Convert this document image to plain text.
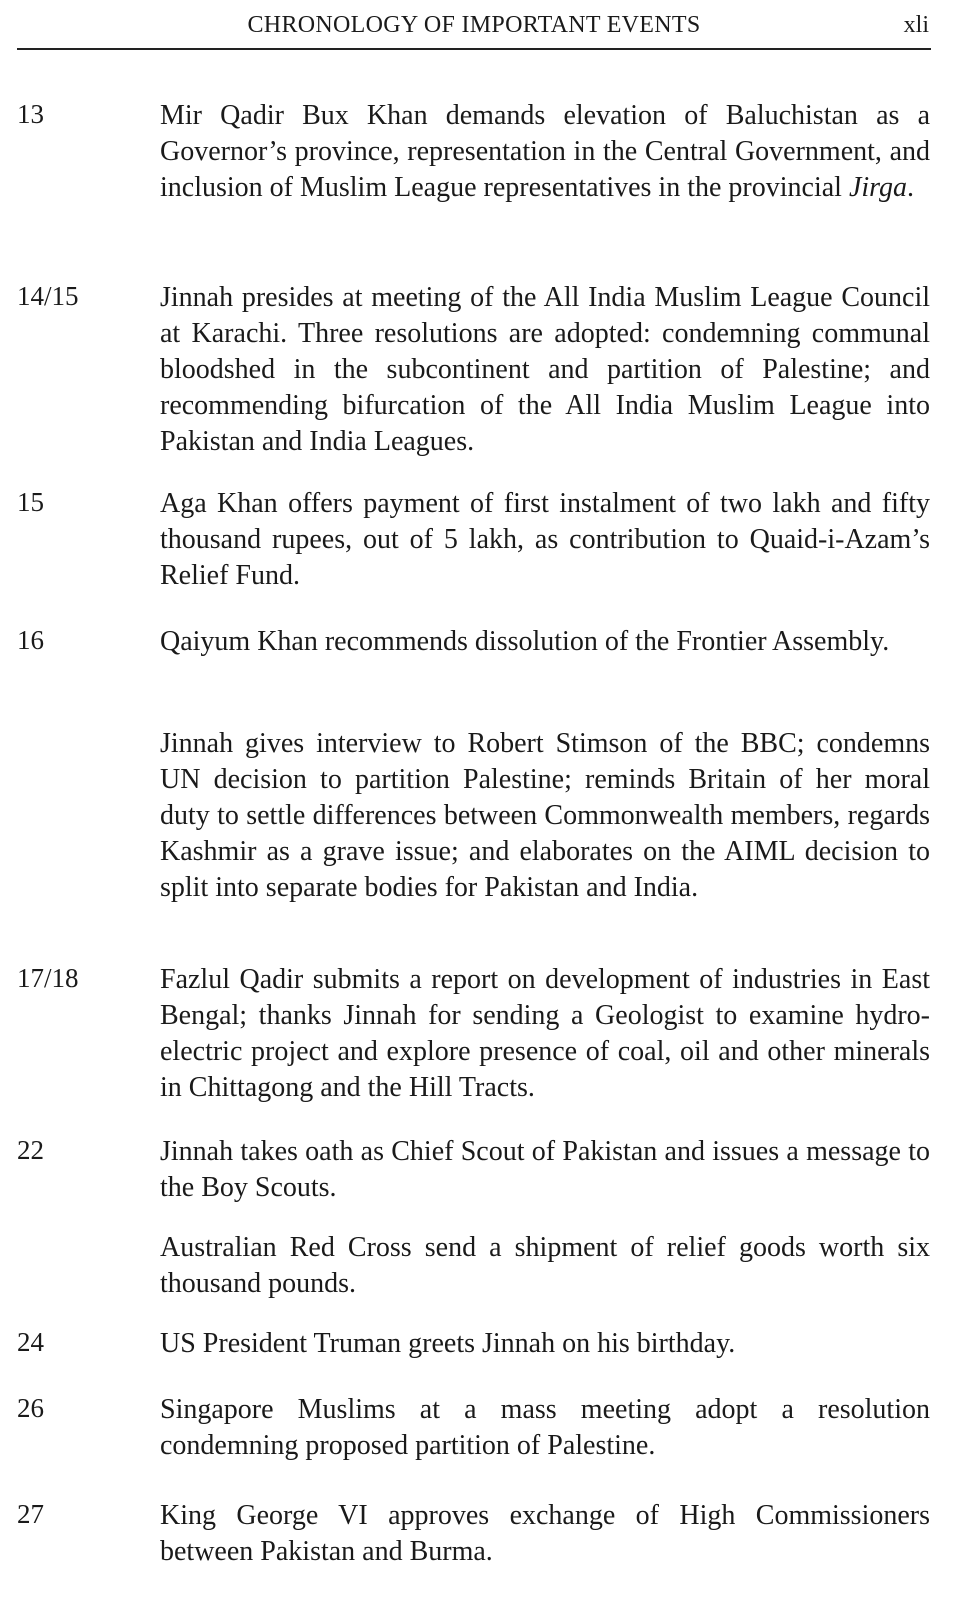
CHRONOLOGY OF IMPORTANT EVENTS	xli
13	Mir Qadir Bux Khan demands elevation of Baluchistan as a Governor’s province, representation in the Central Government, and inclusion of Muslim League representatives in the provincial Jirga.
14/15	Jinnah presides at meeting of the All India Muslim League Council at Karachi. Three resolutions are adopted: condemning communal bloodshed in the subcontinent and partition of Palestine; and recommending bifurcation of the All India Muslim League into Pakistan and India Leagues.
15	Aga Khan offers payment of first instalment of two lakh and fifty thousand rupees, out of 5 lakh, as contribution to Quaid-i-Azam’s Relief Fund.
16	Qaiyum Khan recommends dissolution of the Frontier Assembly.
Jinnah gives interview to Robert Stimson of the BBC; condemns UN decision to partition Palestine; reminds Britain of her moral duty to settle differences between Commonwealth members, regards Kashmir as a grave issue; and elaborates on the AIML decision to split into separate bodies for Pakistan and India.
17/18	Fazlul Qadir submits a report on development of industries in East Bengal; thanks Jinnah for sending a Geologist to examine hydro-electric project and explore presence of coal, oil and other minerals in Chittagong and the Hill Tracts.
22	Jinnah takes oath as Chief Scout of Pakistan and issues a message to the Boy Scouts.
Australian Red Cross send a shipment of relief goods worth six thousand pounds.
24	US President Truman greets Jinnah on his birthday.
26	Singapore Muslims at a mass meeting adopt a resolution condemning proposed partition of Palestine.
27	King George VI approves exchange of High Commissioners between Pakistan and Burma.
